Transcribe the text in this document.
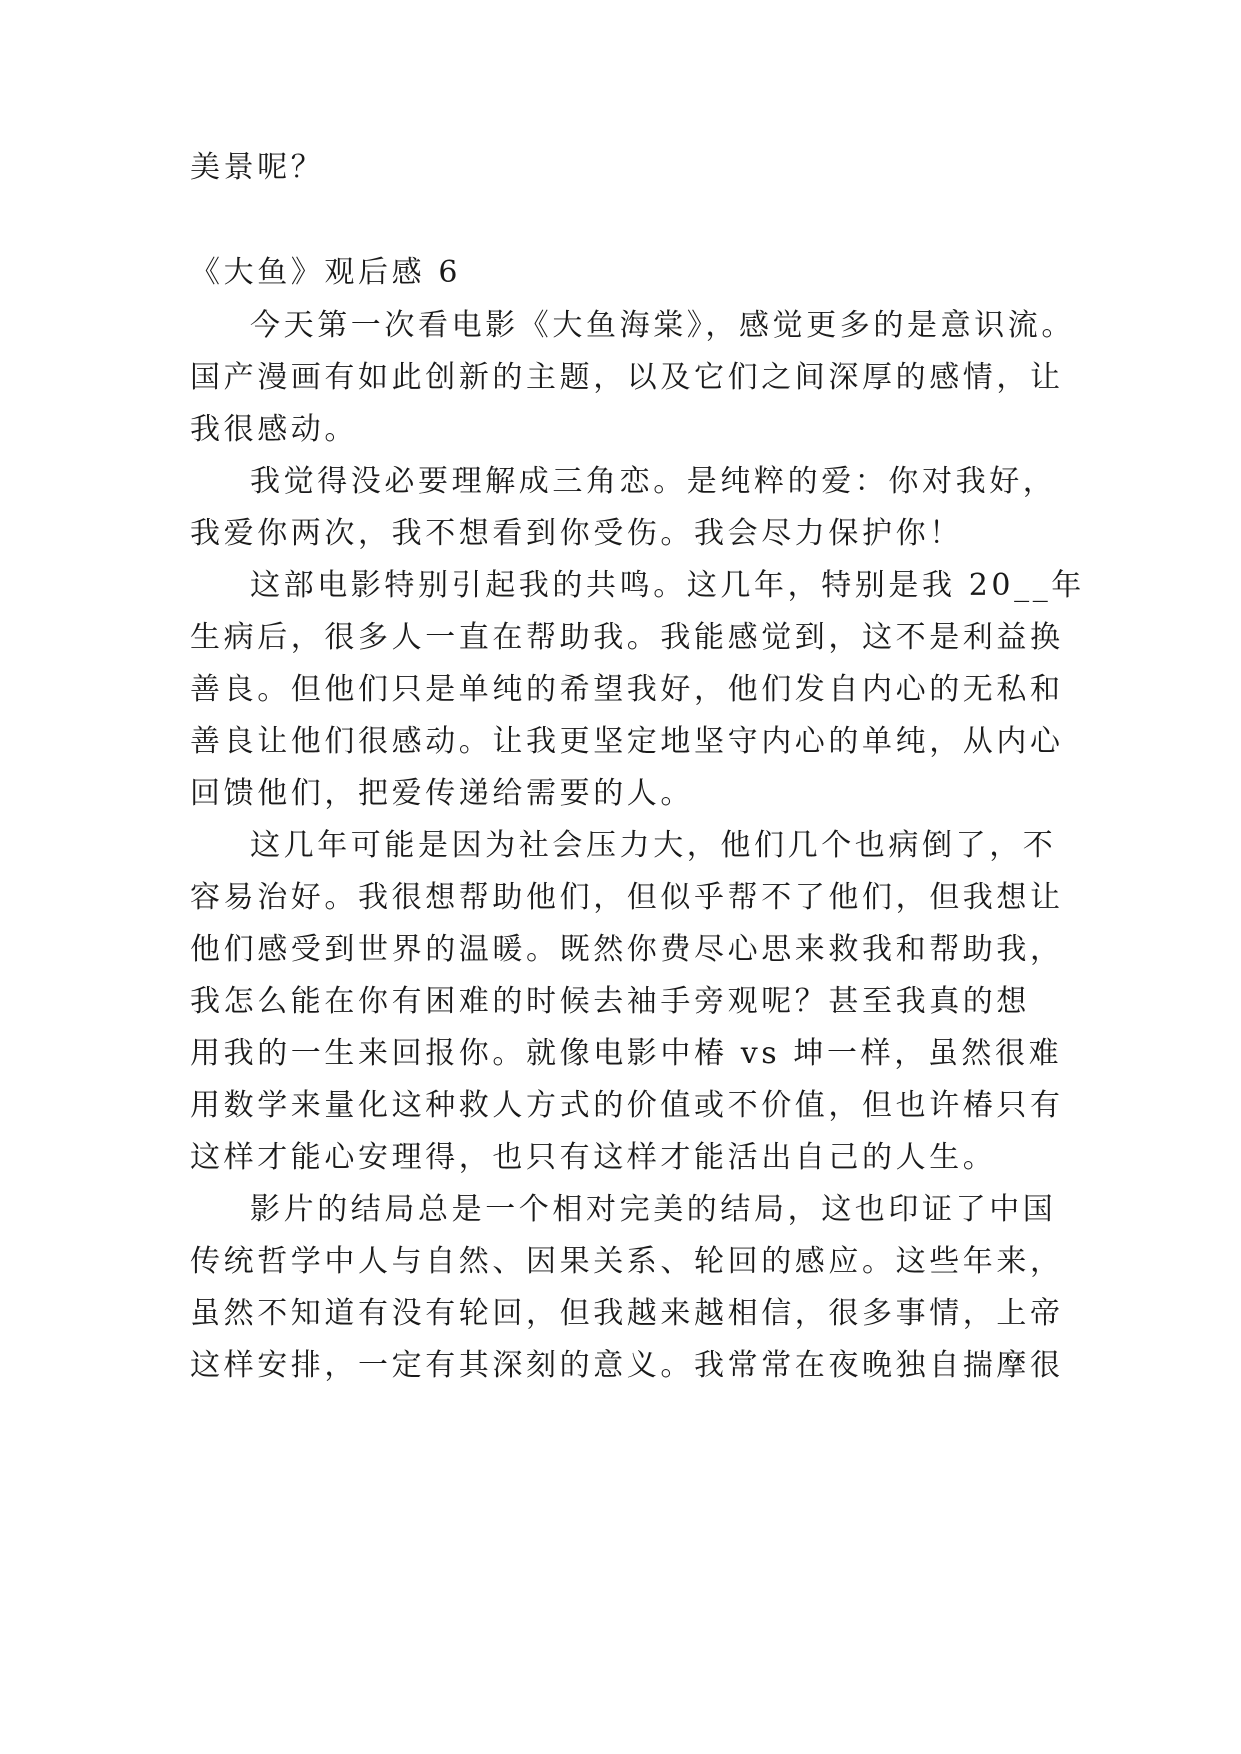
美景呢？
《大鱼》观后感 6
今天第一次看电影《大鱼海棠》，感觉更多的是意识流。
国产漫画有如此创新的主题，以及它们之间深厚的感情，让
我很感动。
我觉得没必要理解成三角恋。是纯粹的爱：你对我好，
我爱你两次，我不想看到你受伤。我会尽力保护你！
这部电影特别引起我的共鸣。这几年，特别是我 20__年
生病后，很多人一直在帮助我。我能感觉到，这不是利益换
善良。但他们只是单纯的希望我好，他们发自内心的无私和
善良让他们很感动。让我更坚定地坚守内心的单纯，从内心
回馈他们，把爱传递给需要的人。
这几年可能是因为社会压力大，他们几个也病倒了，不
容易治好。我很想帮助他们，但似乎帮不了他们，但我想让
他们感受到世界的温暖。既然你费尽心思来救我和帮助我，
我怎么能在你有困难的时候去袖手旁观呢？甚至我真的想
用我的一生来回报你。就像电影中椿 vs 坤一样，虽然很难
用数学来量化这种救人方式的价值或不价值，但也许椿只有
这样才能心安理得，也只有这样才能活出自己的人生。
影片的结局总是一个相对完美的结局，这也印证了中国
传统哲学中人与自然、因果关系、轮回的感应。这些年来，
虽然不知道有没有轮回，但我越来越相信，很多事情，上帝
这样安排，一定有其深刻的意义。我常常在夜晚独自揣摩很
